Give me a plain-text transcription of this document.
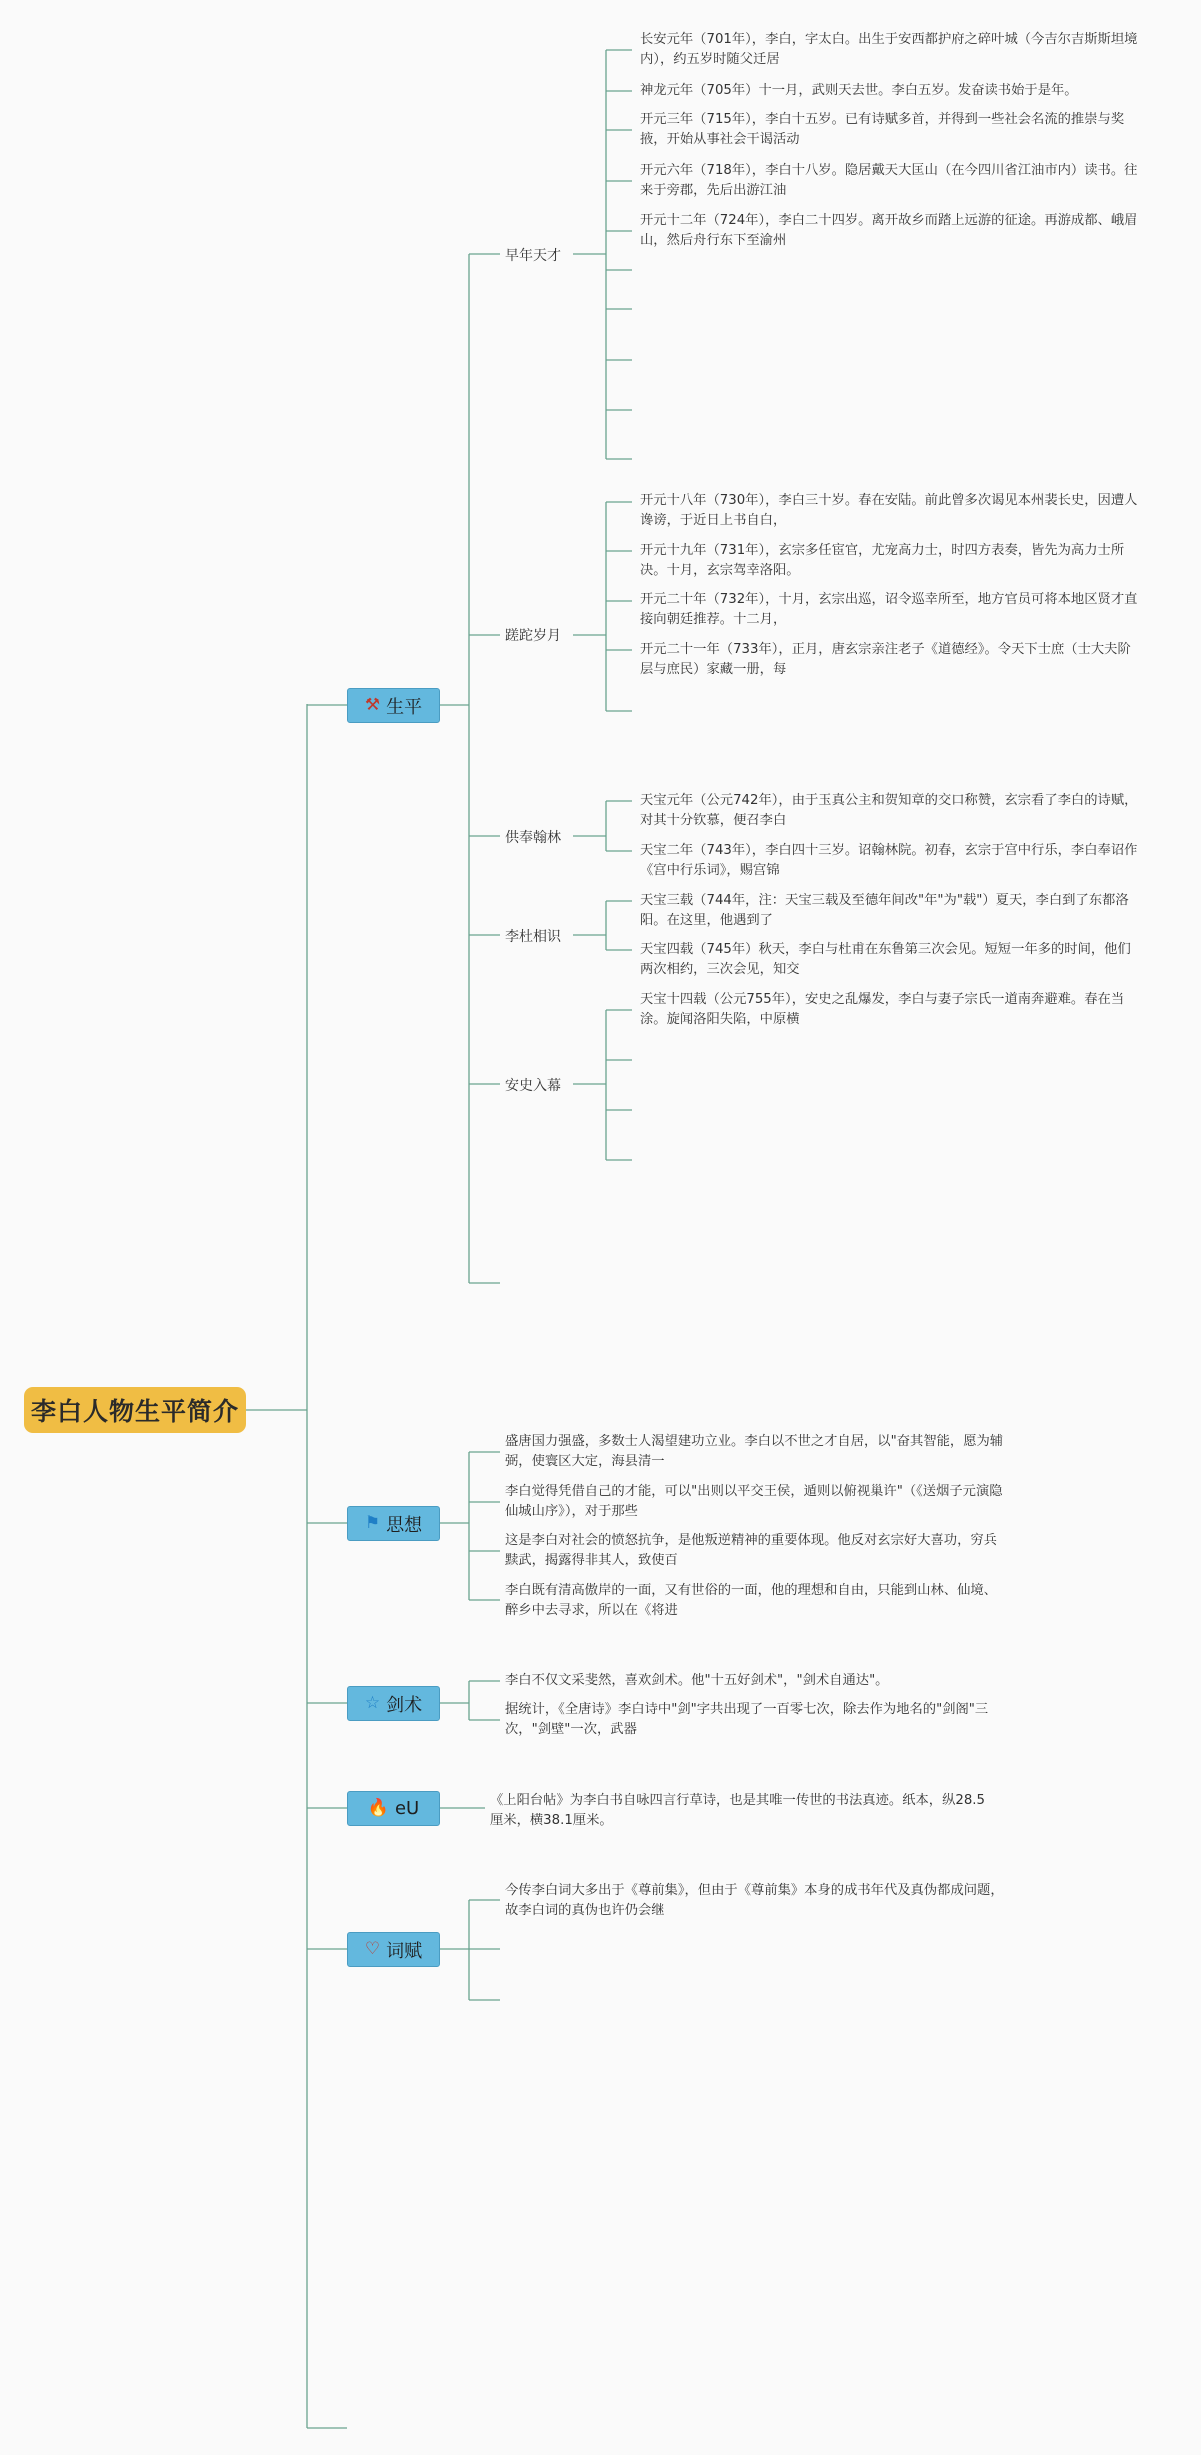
李白人物生平简介
⚒ 生平
早年天才
蹉跎岁月
供奉翰林
李杜相识
安史入幕
长安元年（701年），李白，字太白。出生于安西都护府之碎叶城（今吉尔吉斯斯坦境内），约五岁时随父迁居
神龙元年（705年）十一月，武则天去世。李白五岁。发奋读书始于是年。
开元三年（715年），李白十五岁。已有诗赋多首，并得到一些社会名流的推崇与奖掖，开始从事社会干谒活动
开元六年（718年），李白十八岁。隐居戴天大匡山（在今四川省江油市内）读书。往来于旁郡，先后出游江油
开元十二年（724年），李白二十四岁。离开故乡而踏上远游的征途。再游成都、峨眉山，然后舟行东下至渝州
开元十八年（730年），李白三十岁。春在安陆。前此曾多次谒见本州裴长史，因遭人谗谤，于近日上书自白，
开元十九年（731年），玄宗多任宦官，尤宠高力士，时四方表奏，皆先为高力士所决。十月，玄宗驾幸洛阳。
开元二十年（732年），十月，玄宗出巡，诏令巡幸所至，地方官员可将本地区贤才直接向朝廷推荐。十二月，
开元二十一年（733年），正月，唐玄宗亲注老子《道德经》。令天下士庶（士大夫阶层与庶民）家藏一册，每
天宝元年（公元742年），由于玉真公主和贺知章的交口称赞，玄宗看了李白的诗赋，对其十分钦慕，便召李白
天宝二年（743年），李白四十三岁。诏翰林院。初春，玄宗于宫中行乐，李白奉诏作《宫中行乐词》，赐宫锦
天宝三载（744年，注：天宝三载及至德年间改"年"为"载"）夏天，李白到了东都洛阳。在这里，他遇到了
天宝四载（745年）秋天，李白与杜甫在东鲁第三次会见。短短一年多的时间，他们两次相约，三次会见，知交
天宝十四载（公元755年），安史之乱爆发，李白与妻子宗氏一道南奔避难。春在当涂。旋闻洛阳失陷，中原横
⚑ 思想
盛唐国力强盛，多数士人渴望建功立业。李白以不世之才自居，以"奋其智能，愿为辅弼，使寰区大定，海县清一
李白觉得凭借自己的才能，可以"出则以平交王侯，遁则以俯视巢许"（《送烟子元演隐仙城山序》），对于那些
这是李白对社会的愤怒抗争，是他叛逆精神的重要体现。他反对玄宗好大喜功，穷兵黩武，揭露得非其人，致使百
李白既有清高傲岸的一面，又有世俗的一面，他的理想和自由，只能到山林、仙境、醉乡中去寻求，所以在《将进
☆ 剑术
李白不仅文采斐然，喜欢剑术。他"十五好剑术"，"剑术自通达"。
据统计，《全唐诗》李白诗中"剑"字共出现了一百零七次，除去作为地名的"剑阁"三次，"剑壁"一次，武器
🔥 eU	《上阳台帖》为李白书自咏四言行草诗，也是其唯一传世的书法真迹。纸本，纵28.5厘米，横38.1厘米。
♡ 词赋
今传李白词大多出于《尊前集》，但由于《尊前集》本身的成书年代及真伪都成问题，故李白词的真伪也许仍会继
